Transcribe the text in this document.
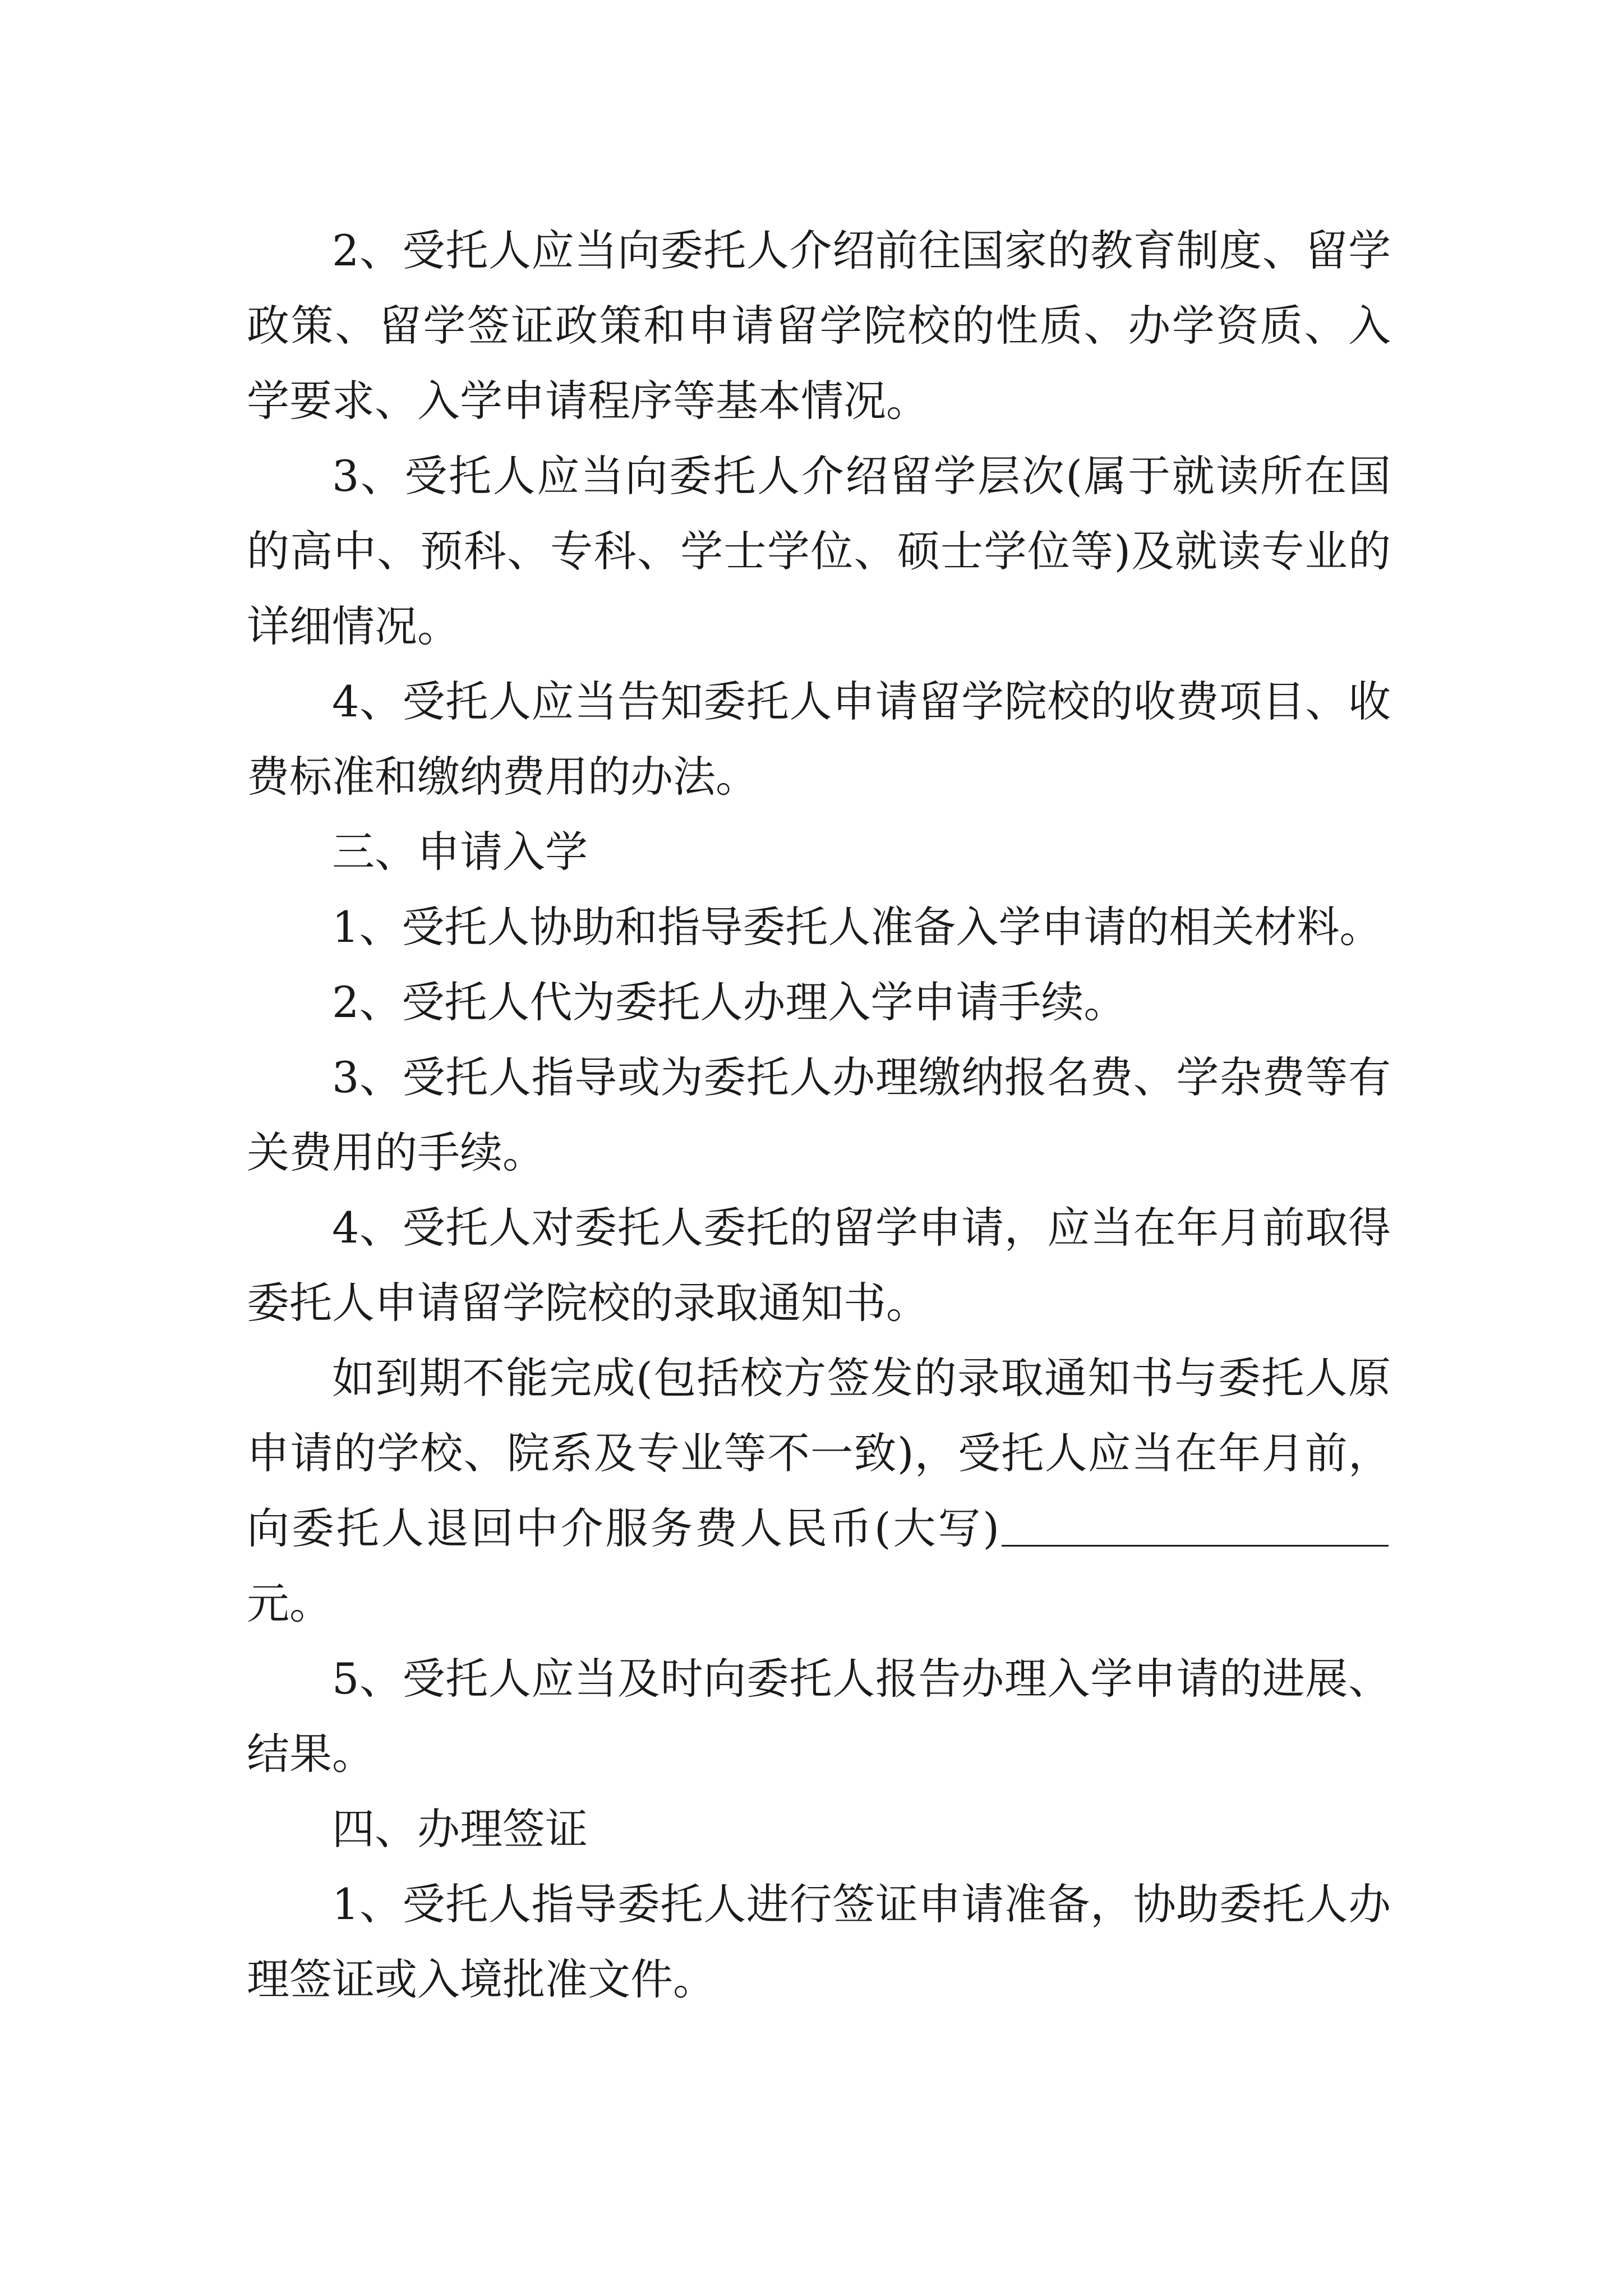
2、受托人应当向委托人介绍前往国家的教育制度、留学政策、留学签证政策和申请留学院校的性质、办学资质、入学要求、入学申请程序等基本情况。

3、受托人应当向委托人介绍留学层次(属于就读所在国的高中、预科、专科、学士学位、硕士学位等)及就读专业的详细情况。

4、受托人应当告知委托人申请留学院校的收费项目、收费标准和缴纳费用的办法。

三、申请入学

1、受托人协助和指导委托人准备入学申请的相关材料。

2、受托人代为委托人办理入学申请手续。

3、受托人指导或为委托人办理缴纳报名费、学杂费等有关费用的手续。

4、受托人对委托人委托的留学申请，应当在年月前取得委托人申请留学院校的录取通知书。

如到期不能完成(包括校方签发的录取通知书与委托人原申请的学校、院系及专业等不一致)，受托人应当在年月前，向委托人退回中介服务费人民币(大写)元。

5、受托人应当及时向委托人报告办理入学申请的进展、结果。

四、办理签证

1、受托人指导委托人进行签证申请准备，协助委托人办理签证或入境批准文件。
